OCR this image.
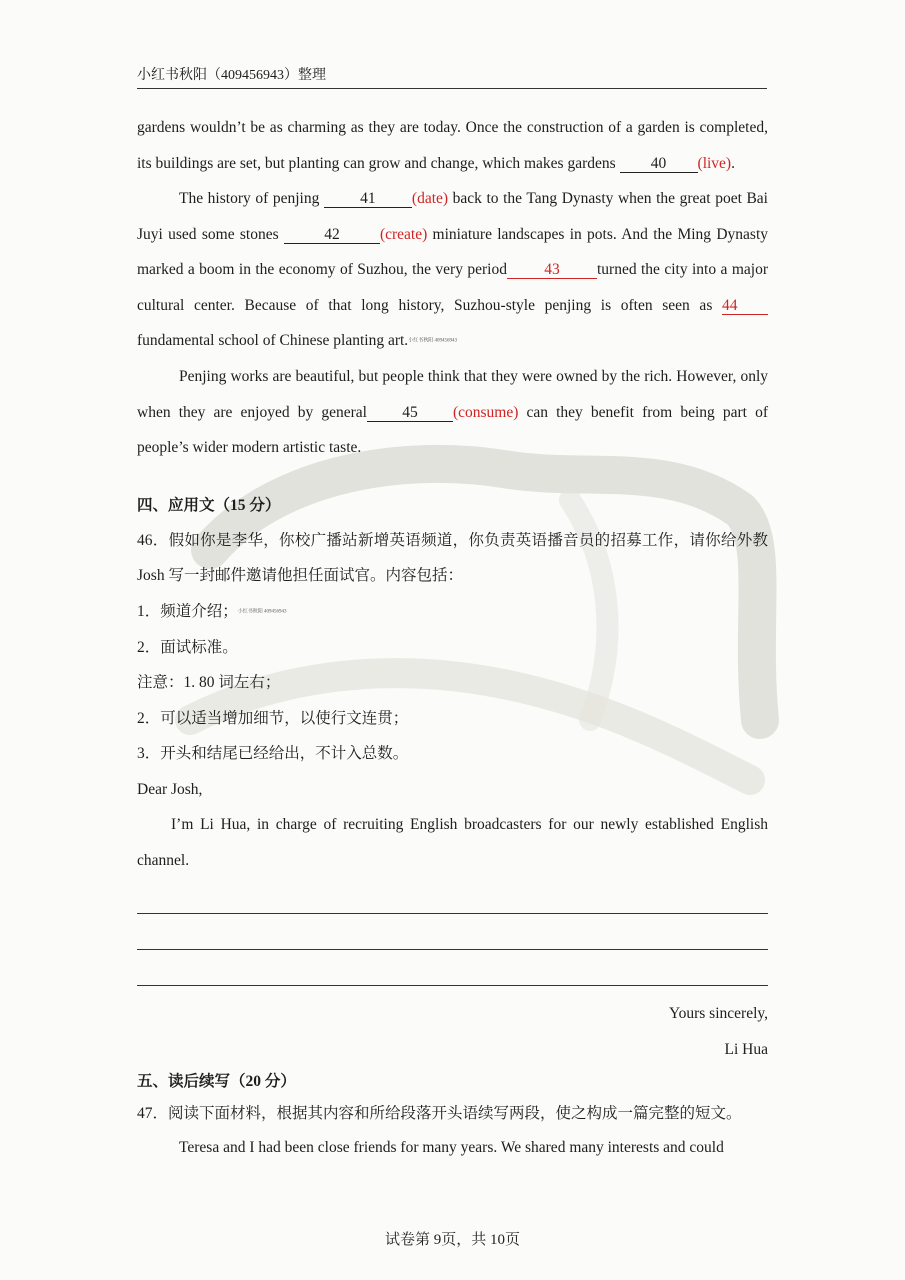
小红书秋阳（409456943）整理

gardens wouldn’t be as charming as they are today. Once the construction of a garden is completed, its buildings are set, but planting can grow and change, which makes gardens 40 (live).

The history of penjing 41 (date) back to the Tang Dynasty when the great poet Bai Juyi used some stones	42	(create) miniature landscapes in pots. And the Ming Dynasty marked a boom in the economy of Suzhou, the very period 43 turned the city into a major cultural center. Because of that long history, Suzhou-style penjing is often seen as 44fundamental school of Chinese planting art.小红书秋阳 409456943

Penjing works are beautiful, but people think that they were owned by the rich. However, only when they are enjoyed by general 45 (consume) can they benefit from being part of people’s wider modern artistic taste.

四、应用文（15 分）

46．假如你是李华，你校广播站新增英语频道，你负责英语播音员的招募工作，请你给外教 Josh 写一封邮件邀请他担任面试官。内容包括：

1．频道介绍；小红书秋阳 409456943

2．面试标准。

注意：1. 80 词左右；

2．可以适当增加细节，以使行文连贯；

3．开头和结尾已经给出，不计入总数。

Dear Josh,

I’m Li Hua, in charge of recruiting English broadcasters for our newly established English channel.

Yours sincerely,

Li Hua

五、读后续写（20 分）

47．阅读下面材料，根据其内容和所给段落开头语续写两段，使之构成一篇完整的短文。

Teresa and I had been close friends for many years. We shared many interests and could

试卷第 9页，共 10页
